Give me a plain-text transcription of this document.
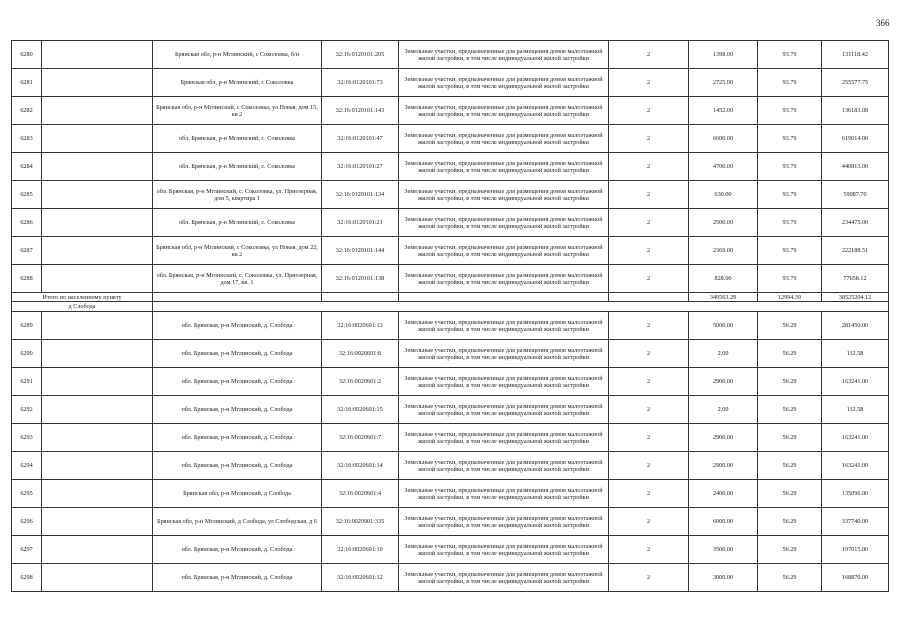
366
6280		Брянская обл, р-н Мглинский, с Соколовка, б/н	32:16:0120101:205	Земельные участки, предназначенные для размещения домов малоэтажной жилой застройки, в том числе индивидуальной жилой застройки	2	1398.00	93.79	131118.42
6281		Брянская обл, р-н Мглинский, с Соколовка	32:16:0120101:73	Земельные участки, предназначенные для размещения домов малоэтажной жилой застройки, в том числе индивидуальной жилой застройки	2	2725.00	93.79	255577.75
6282		Брянская обл, р-н Мглинский, с Соколовка, ул Новая, дом 15, кв 2	32:16:0120101:143	Земельные участки, предназначенные для размещения домов малоэтажной жилой застройки, в том числе индивидуальной жилой застройки	2	1452.00	93.79	136183.08
6283		обл. Брянская, р-н Мглинский, с. Соколовка	32:16:0120101:47	Земельные участки, предназначенные для размещения домов малоэтажной жилой застройки, в том числе индивидуальной жилой застройки	2	6600.00	93.79	619014.00
6284		обл. Брянская, р-н Мглинский, с. Соколовка	32:16:0120101:27	Земельные участки, предназначенные для размещения домов малоэтажной жилой застройки, в том числе индивидуальной жилой застройки	2	4700.00	93.79	440813.00
6285		обл. Брянская, р-н Мглинский, с. Соколовка, ул. Приозерная, дом 5, квартира 1	32:16:0120101:134	Земельные участки, предназначенные для размещения домов малоэтажной жилой застройки, в том числе индивидуальной жилой застройки	2	630.00	93.79	59087.70
6286		обл. Брянская, р-н Мглинский, с. Соколовка	32:16:0120101:21	Земельные участки, предназначенные для размещения домов малоэтажной жилой застройки, в том числе индивидуальной жилой застройки	2	2500.00	93.79	234475.00
6287		Брянская обл, р-н Мглинский, с Соколовка, ул Новая, дом 22, кв 2	32:16:0120101:144	Земельные участки, предназначенные для размещения домов малоэтажной жилой застройки, в том числе индивидуальной жилой застройки	2	2369.00	93.79	222188.51
6288		обл. Брянская, р-н Мглинский, с. Соколовка, ул. Приозерная, дом 17, кв. 1	32:16:0120101:138	Земельные участки, предназначенные для размещения домов малоэтажной жилой застройки, в том числе индивидуальной жилой застройки	2	828.00	93.79	77658.12
Итого по населенному пункту						349563.29	12994.39	38525204.12
д Слобода								
6289		обл. Брянская, р-н Мглинский, д. Слобода	32:16:0020601:13	Земельные участки, предназначенные для размещения домов малоэтажной жилой застройки, в том числе индивидуальной жилой застройки	2	5000.00	56.29	281450.00
6290		обл. Брянская, р-н Мглинский, д. Слобода	32:16:0020601:8	Земельные участки, предназначенные для размещения домов малоэтажной жилой застройки, в том числе индивидуальной жилой застройки	2	2.00	56.29	112.58
6291		обл. Брянская, р-н Мглинский, д. Слобода	32:16:0020601:2	Земельные участки, предназначенные для размещения домов малоэтажной жилой застройки, в том числе индивидуальной жилой застройки	2	2900.00	56.29	163241.00
6292		обл. Брянская, р-н Мглинский, д. Слобода	32:16:0020601:15	Земельные участки, предназначенные для размещения домов малоэтажной жилой застройки, в том числе индивидуальной жилой застройки	2	2.00	56.29	112.58
6293		обл. Брянская, р-н Мглинский, д. Слобода	32:16:0020601:7	Земельные участки, предназначенные для размещения домов малоэтажной жилой застройки, в том числе индивидуальной жилой застройки	2	2900.00	56.29	163241.00
6294		обл. Брянская, р-н Мглинский, д. Слобода	32:16:0020601:14	Земельные участки, предназначенные для размещения домов малоэтажной жилой застройки, в том числе индивидуальной жилой застройки	2	2900.00	56.29	163241.00
6295		Брянская обл, р-н Мглинский, д Слобода	32:16:0020601:4	Земельные участки, предназначенные для размещения домов малоэтажной жилой застройки, в том числе индивидуальной жилой застройки	2	2400.00	56.29	135096.00
6296		Брянская обл, р-н Мглинский, д Слобода, ул Слободская, д 6	32:16:0020901:335	Земельные участки, предназначенные для размещения домов малоэтажной жилой застройки, в том числе индивидуальной жилой застройки	2	6000.00	56.29	337740.00
6297		обл. Брянская, р-н Мглинский, д. Слобода	32:16:0020601:10	Земельные участки, предназначенные для размещения домов малоэтажной жилой застройки, в том числе индивидуальной жилой застройки	2	3500.00	56.29	197015.00
6298		обл. Брянская, р-н Мглинский, д. Слобода	32:16:0020601:12	Земельные участки, предназначенные для размещения домов малоэтажной жилой застройки, в том числе индивидуальной жилой застройки	2	3000.00	56.29	168870.00
